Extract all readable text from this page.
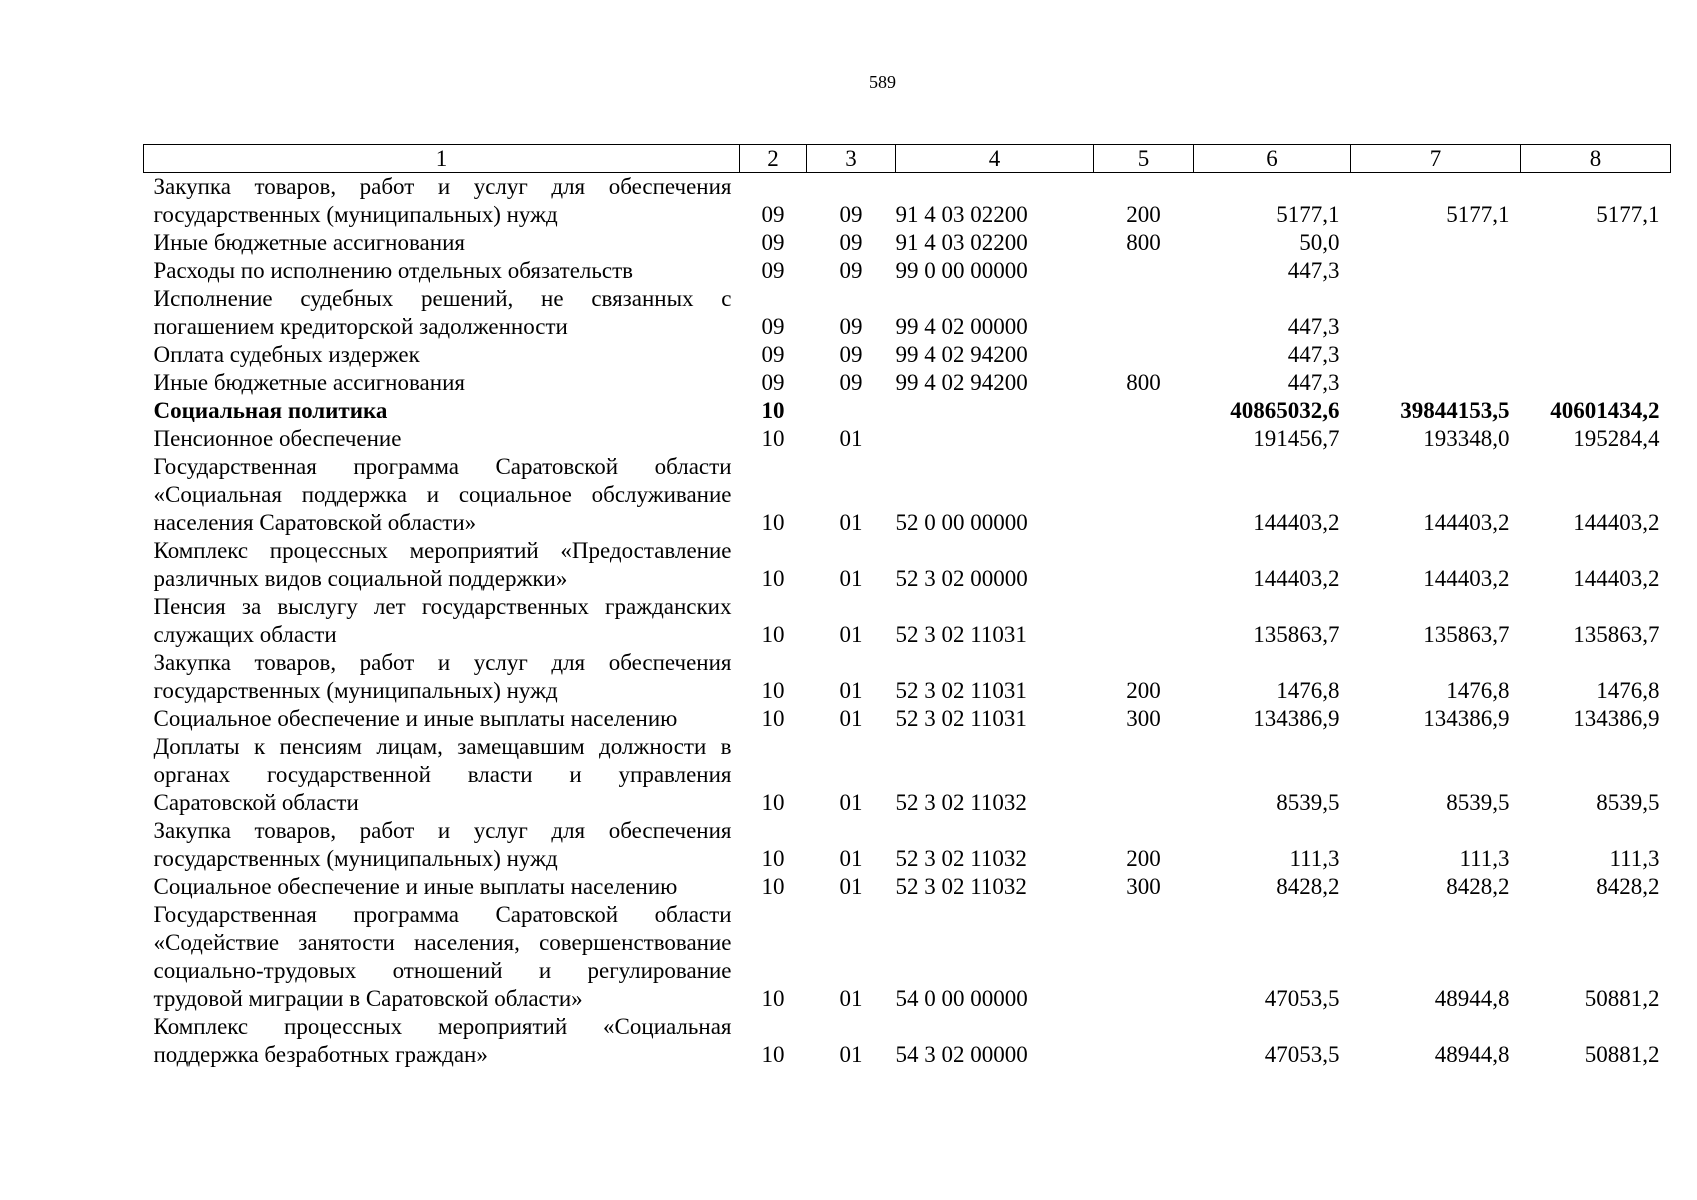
589
1	2	3	4	5	6	7	8
Закупка товаров, работ и услуг для обеспечения государственных (муниципальных) нужд	09	09	91 4 03 02200	200	5177,1	5177,1	5177,1
Иные бюджетные ассигнования	09	09	91 4 03 02200	800	50,0		
Расходы по исполнению отдельных обязательств	09	09	99 0 00 00000		447,3		
Исполнение судебных решений, не связанных с погашением кредиторской задолженности	09	09	99 4 02 00000		447,3		
Оплата судебных издержек	09	09	99 4 02 94200		447,3		
Иные бюджетные ассигнования	09	09	99 4 02 94200	800	447,3		
Социальная политика	10				40865032,6	39844153,5	40601434,2
Пенсионное обеспечение	10	01			191456,7	193348,0	195284,4
Государственная программа Саратовской области «Социальная поддержка и социальное обслуживание населения Саратовской области»	10	01	52 0 00 00000		144403,2	144403,2	144403,2
Комплекс процессных мероприятий «Предоставление различных видов социальной поддержки»	10	01	52 3 02 00000		144403,2	144403,2	144403,2
Пенсия за выслугу лет государственных гражданских служащих области	10	01	52 3 02 11031		135863,7	135863,7	135863,7
Закупка товаров, работ и услуг для обеспечения государственных (муниципальных) нужд	10	01	52 3 02 11031	200	1476,8	1476,8	1476,8
Социальное обеспечение и иные выплаты населению	10	01	52 3 02 11031	300	134386,9	134386,9	134386,9
Доплаты к пенсиям лицам, замещавшим должности в органах государственной власти и управления Саратовской области	10	01	52 3 02 11032		8539,5	8539,5	8539,5
Закупка товаров, работ и услуг для обеспечения государственных (муниципальных) нужд	10	01	52 3 02 11032	200	111,3	111,3	111,3
Социальное обеспечение и иные выплаты населению	10	01	52 3 02 11032	300	8428,2	8428,2	8428,2
Государственная программа Саратовской области «Содействие занятости населения, совершенствование социально-трудовых отношений и регулирование трудовой миграции в Саратовской области»	10	01	54 0 00 00000		47053,5	48944,8	50881,2
Комплекс процессных мероприятий «Социальная поддержка безработных граждан»	10	01	54 3 02 00000		47053,5	48944,8	50881,2
